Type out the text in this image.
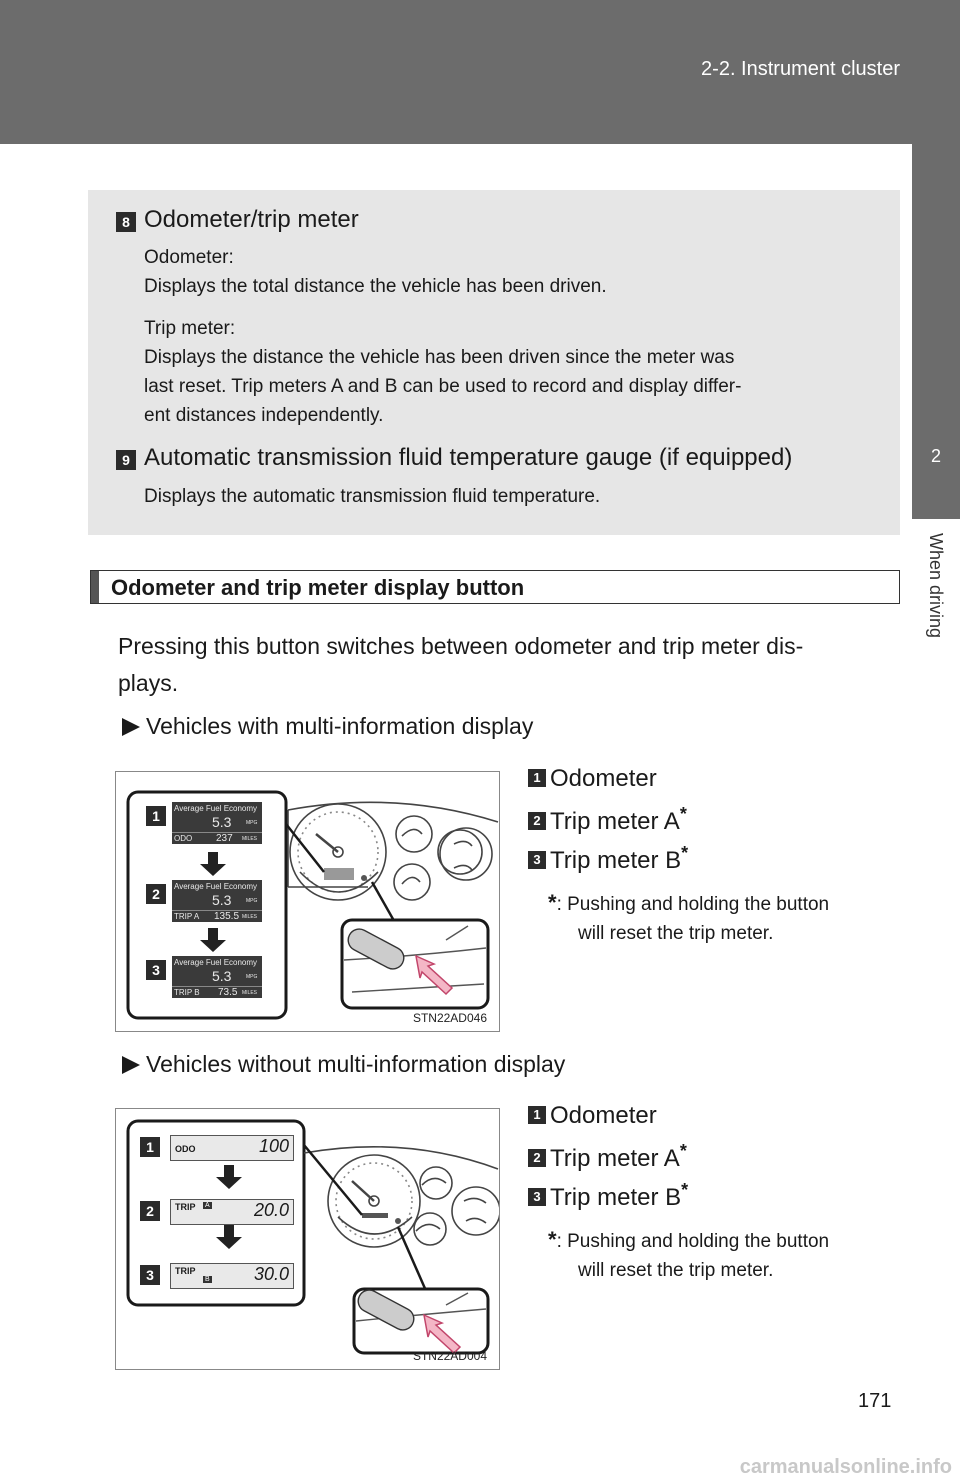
2-2. Instrument cluster
2
When driving
8 Odometer/trip meter
Odometer:
Displays the total distance the vehicle has been driven.
Trip meter:
Displays the distance the vehicle has been driven since the meter was
last reset. Trip meters A and B can be used to record and display differ-
ent distances independently.
9 Automatic transmission fluid temperature gauge (if equipped)
Displays the automatic transmission fluid temperature.
Odometer and trip meter display button
Pressing this button switches between odometer and trip meter dis-
plays.
Vehicles with multi-information display
1
2
3
Average Fuel Economy
5.3	MPG
ODO 237 MILES
Average Fuel Economy
5.3	MPG
TRIP A 135.5 MILES
Average Fuel Economy
5.3	MPG
TRIP B 73.5 MILES
STN22AD046
1 Odometer
2 Trip meter A*
3 Trip meter B*
*: Pushing and holding the button
will reset the trip meter.
Vehicles without multi-information display
1
2
3
ODO	100
TRIP A 20.0
TRIP
B 30.0
STN22AD004
1 Odometer
2 Trip meter A*
3 Trip meter B*
*: Pushing and holding the button
will reset the trip meter.
171
carmanualsonline.info
